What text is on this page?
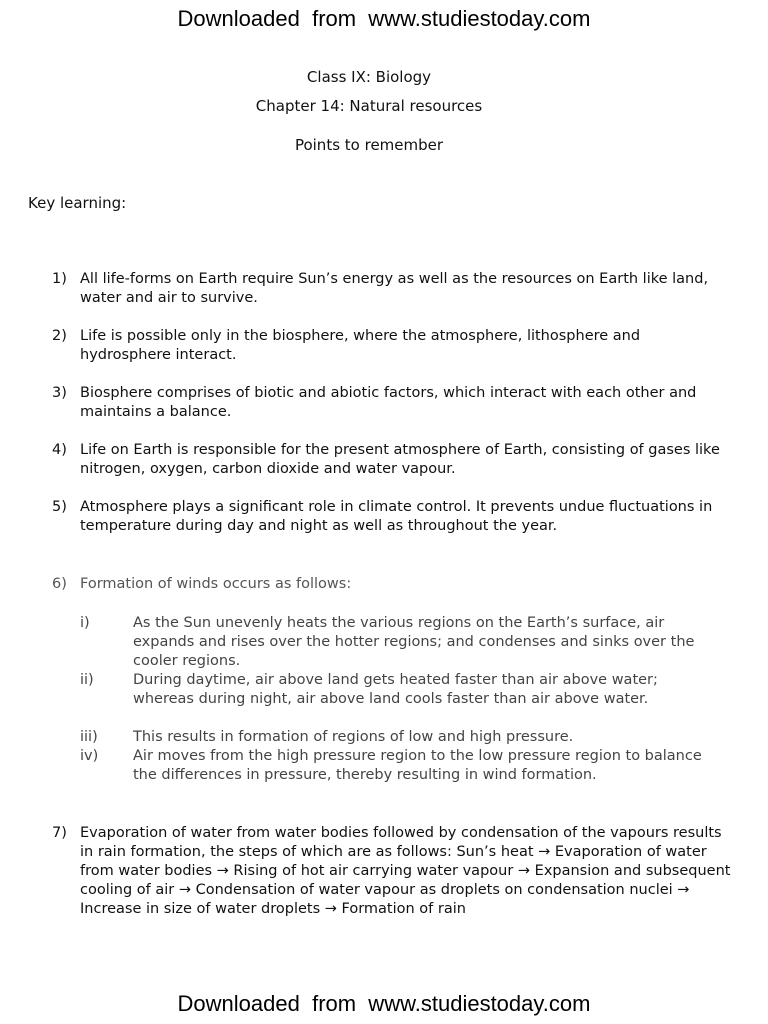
Downloaded  from  www.studiestoday.com
Class IX: Biology
Chapter 14: Natural resources
Points to remember
Key learning:
1) All life-forms on Earth require Sun’s energy as well as the resources on Earth like land, water and air to survive.
2) Life is possible only in the biosphere, where the atmosphere, lithosphere and hydrosphere interact.
3) Biosphere comprises of biotic and abiotic factors, which interact with each other and maintains a balance.
4) Life on Earth is responsible for the present atmosphere of Earth, consisting of gases like nitrogen, oxygen, carbon dioxide and water vapour.
5) Atmosphere plays a significant role in climate control. It prevents undue fluctuations in temperature during day and night as well as throughout the year.
6) Formation of winds occurs as follows:
i)	As the Sun unevenly heats the various regions on the Earth’s surface, air expands and rises over the hotter regions; and condenses and sinks over the cooler regions.
ii)	During daytime, air above land gets heated faster than air above water; whereas during night, air above land cools faster than air above water.
iii) This results in formation of regions of low and high pressure.
iv) Air moves from the high pressure region to the low pressure region to balance the differences in pressure, thereby resulting in wind formation.
7) Evaporation of water from water bodies followed by condensation of the vapours results in rain formation, the steps of which are as follows: Sun’s heat → Evaporation of water from water bodies → Rising of hot air carrying water vapour → Expansion and subsequent cooling of air → Condensation of water vapour as droplets on condensation nuclei → Increase in size of water droplets → Formation of rain
Downloaded  from  www.studiestoday.com
